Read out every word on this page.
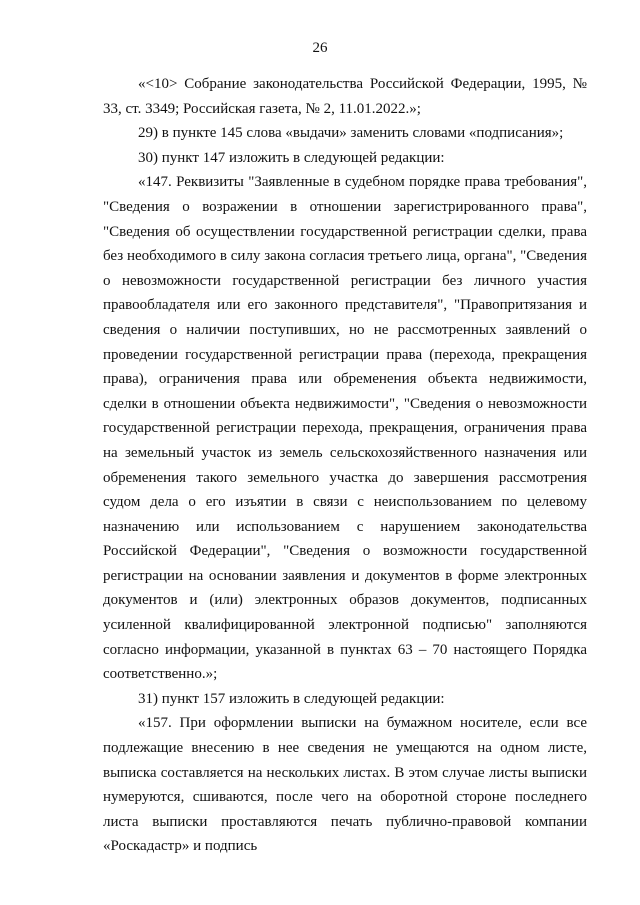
26

«<10> Собрание законодательства Российской Федерации, 1995, № 33, ст. 3349; Российская газета, № 2, 11.01.2022.»;

29) в пункте 145 слова «выдачи» заменить словами «подписания»;

30) пункт 147 изложить в следующей редакции:

«147. Реквизиты "Заявленные в судебном порядке права требования", "Сведения о возражении в отношении зарегистрированного права", "Сведения об осуществлении государственной регистрации сделки, права без необходимого в силу закона согласия третьего лица, органа", "Сведения о невозможности государственной регистрации без личного участия правообладателя или его законного представителя", "Правопритязания и сведения о наличии поступивших, но не рассмотренных заявлений о проведении государственной регистрации права (перехода, прекращения права), ограничения права или обременения объекта недвижимости, сделки в отношении объекта недвижимости", "Сведения о невозможности государственной регистрации перехода, прекращения, ограничения права на земельный участок из земель сельскохозяйственного назначения или обременения такого земельного участка до завершения рассмотрения судом дела о его изъятии в связи с неиспользованием по целевому назначению или использованием с нарушением законодательства Российской Федерации", "Сведения о возможности государственной регистрации на основании заявления и документов в форме электронных документов и (или) электронных образов документов, подписанных усиленной квалифицированной электронной подписью" заполняются согласно информации, указанной в пунктах 63 – 70 настоящего Порядка соответственно.»;

31) пункт 157 изложить в следующей редакции:

«157. При оформлении выписки на бумажном носителе, если все подлежащие внесению в нее сведения не умещаются на одном листе, выписка составляется на нескольких листах. В этом случае листы выписки нумеруются, сшиваются, после чего на оборотной стороне последнего листа выписки проставляются печать публично-правовой компании «Роскадастр» и подпись
